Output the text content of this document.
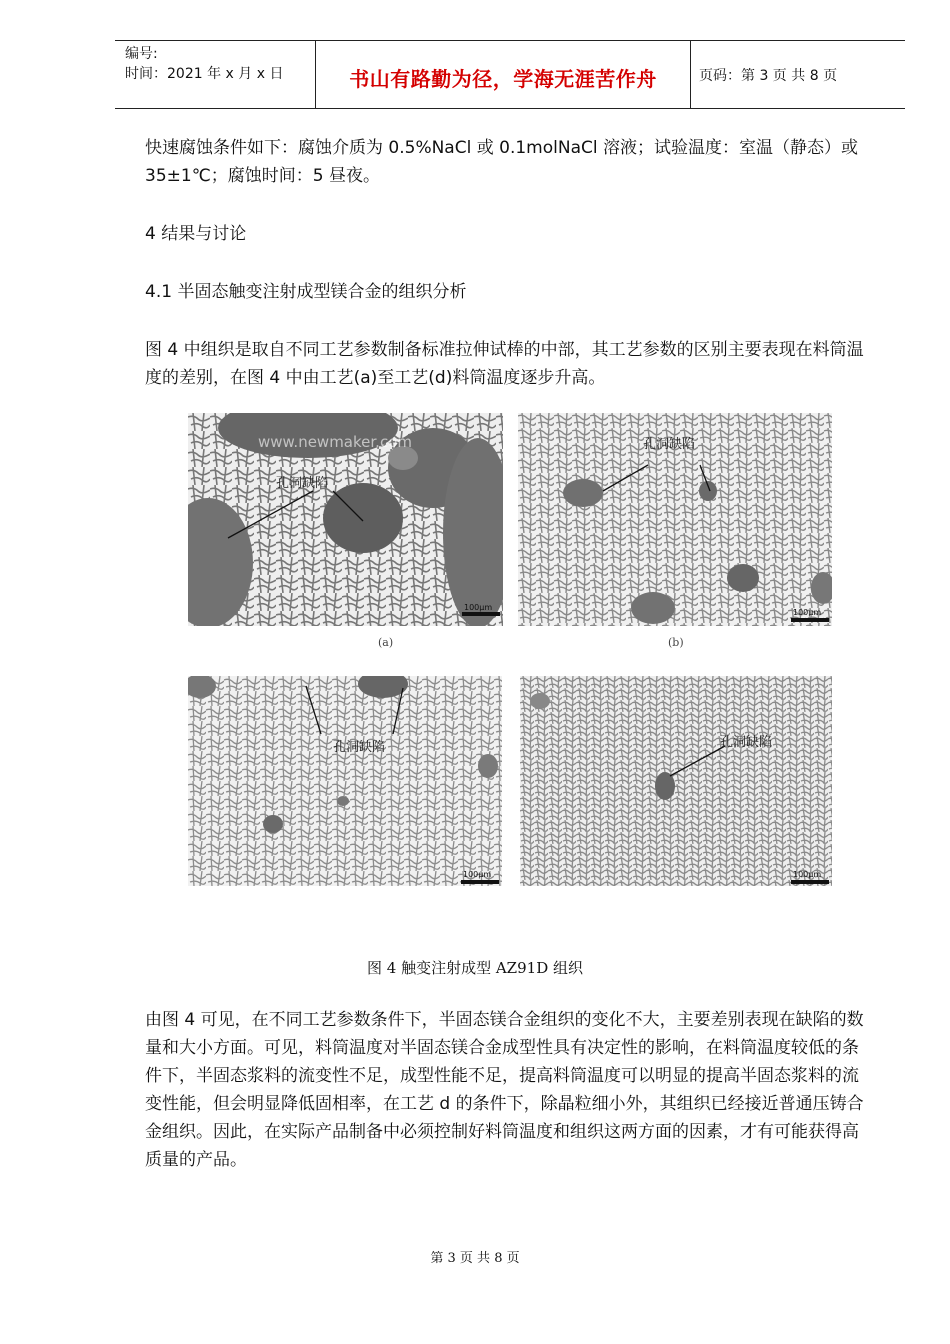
编号:
时间：2021 年 x 月 x 日	书山有路勤为径，学海无涯苦作舟	页码：第 3 页 共 8 页
快速腐蚀条件如下：腐蚀介质为 0.5%NaCl 或 0.1molNaCl 溶液；试验温度：室温（静态）或 35±1℃；腐蚀时间：5 昼夜。
4 结果与讨论
4.1 半固态触变注射成型镁合金的组织分析
图 4 中组织是取自不同工艺参数制备标准拉伸试棒的中部，其工艺参数的区别主要表现在料筒温度的差别，在图 4 中由工艺(a)至工艺(d)料筒温度逐步升高。
www.newmaker.com
孔洞缺陷
100μm
(a)
孔洞缺陷
100μm
(b)
孔洞缺陷
100μm
孔洞缺陷
100μm
图 4 触变注射成型 AZ91D 组织
由图 4 可见，在不同工艺参数条件下，半固态镁合金组织的变化不大，主要差别表现在缺陷的数量和大小方面。可见，料筒温度对半固态镁合金成型性具有决定性的影响，在料筒温度较低的条件下，半固态浆料的流变性不足，成型性能不足，提高料筒温度可以明显的提高半固态浆料的流变性能，但会明显降低固相率，在工艺 d 的条件下，除晶粒细小外，其组织已经接近普通压铸合金组织。因此，在实际产品制备中必须控制好料筒温度和组织这两方面的因素，才有可能获得高质量的产品。
第 3 页 共 8 页
